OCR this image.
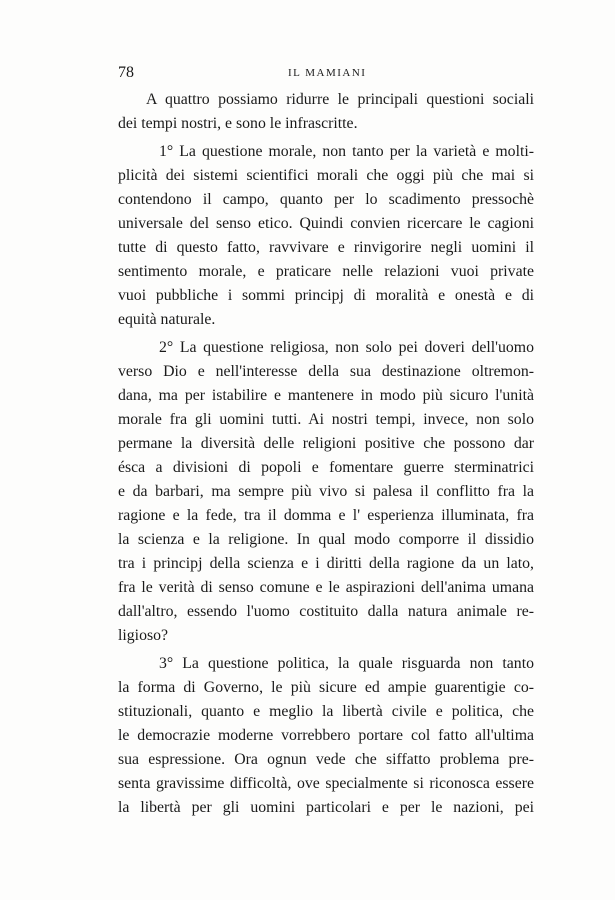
78	IL MAMIANI
A quattro possiamo ridurre le principali questioni sociali
dei tempi nostri, e sono le infrascritte.
1° La questione morale, non tanto per la varietà e molti-
plicità dei sistemi scientifici morali che oggi più che mai si
contendono il campo, quanto per lo scadimento pressochè
universale del senso etico. Quindi convien ricercare le cagioni
tutte di questo fatto, ravvivare e rinvigorire negli uomini il
sentimento morale, e praticare nelle relazioni vuoi private
vuoi pubbliche i sommi principj di moralità e onestà e di
equità naturale.
2° La questione religiosa, non solo pei doveri dell'uomo
verso Dio e nell'interesse della sua destinazione oltremon-
dana, ma per istabilire e mantenere in modo più sicuro l'unità
morale fra gli uomini tutti. Ai nostri tempi, invece, non solo
permane la diversità delle religioni positive che possono dar
ésca a divisioni di popoli e fomentare guerre sterminatrici
e da barbari, ma sempre più vivo si palesa il conflitto fra la
ragione e la fede, tra il domma e l' esperienza illuminata, fra
la scienza e la religione. In qual modo comporre il dissidio
tra i principj della scienza e i diritti della ragione da un lato,
fra le verità di senso comune e le aspirazioni dell'anima umana
dall'altro, essendo l'uomo costituito dalla natura animale re-
ligioso?
3° La questione politica, la quale risguarda non tanto
la forma di Governo, le più sicure ed ampie guarentigie co-
stituzionali, quanto e meglio la libertà civile e politica, che
le democrazie moderne vorrebbero portare col fatto all'ultima
sua espressione. Ora ognun vede che siffatto problema pre-
senta gravissime difficoltà, ove specialmente si riconosca essere
la libertà per gli uomini particolari e per le nazioni, pei
